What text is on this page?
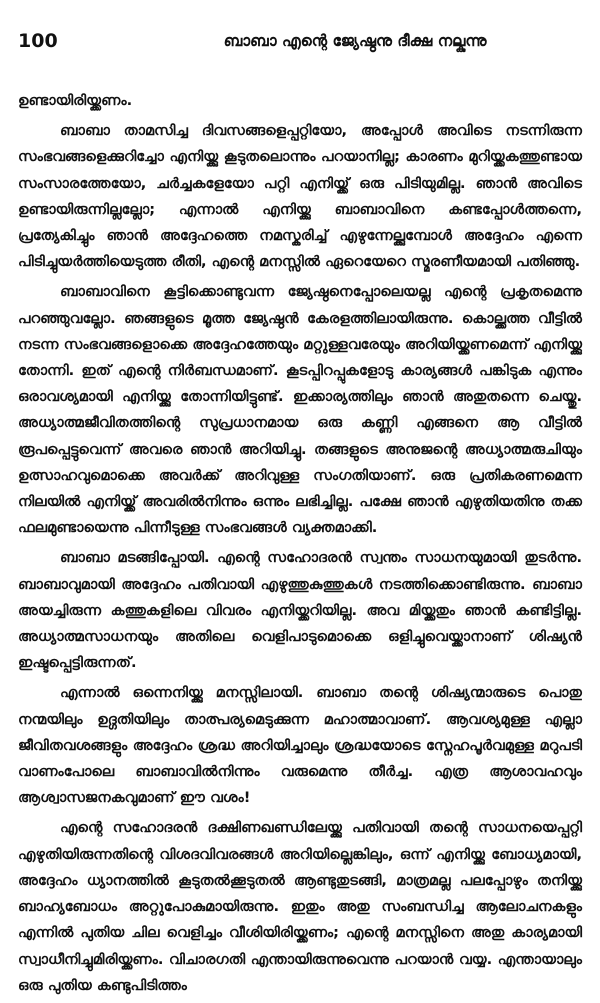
100	ബാബാ എന്റെ ജ്യേഷ്ഠനു ദീക്ഷ നല്കുന്നു

ഉണ്ടായിരിയ്ക്കണം.

ബാബാ താമസിച്ച ദിവസങ്ങളെപ്പറ്റിയോ, അപ്പോൾ അവിടെ നടന്നിരുന്ന സംഭവങ്ങളെക്കുറിച്ചോ എനിയ്ക്കു കൂടുതലൊന്നും പറയാനില്ല; കാരണം മുറിയ്ക്കകത്തുണ്ടായ സംസാരത്തേയോ, ചർച്ചകളേയോ പറ്റി എനിയ്ക്ക് ഒരു പിടിയുമില്ല. ഞാൻ അവിടെ ഉണ്ടായിരുന്നില്ലല്ലോ; എന്നാൽ എനിയ്ക്കു ബാബാവിനെ കണ്ടപ്പോൾത്തന്നെ, പ്രത്യേകിച്ചും ഞാൻ അദ്ദേഹത്തെ നമസ്കരിച്ച് എഴുന്നേല്ക്കുമ്പോൾ അദ്ദേഹം എന്നെ പിടിച്ചുയർത്തിയെടുത്ത രീതി, എന്റെ മനസ്സിൽ ഏറെയേറെ സ്മരണീയമായി പതിഞ്ഞു.

ബാബാവിനെ കൂട്ടിക്കൊണ്ടുവന്ന ജ്യേഷ്ഠനെപ്പോലെയല്ല എന്റെ പ്രകൃതമെന്നു പറഞ്ഞുവല്ലോ. ഞങ്ങളുടെ മൂത്ത ജ്യേഷ്ഠൻ കേരളത്തിലായിരുന്നു. കൊല്ക്കത്ത വീട്ടിൽ നടന്ന സംഭവങ്ങളൊക്കെ അദ്ദേഹത്തേയും മറ്റുള്ളവരേയും അറിയിയ്ക്കണമെന്ന് എനിയ്ക്കു തോന്നി. ഇത് എന്റെ നിർബന്ധമാണ്. കൂടപ്പിറപ്പുകളോടു കാര്യങ്ങൾ പങ്കിടുക എന്നും ഒരാവശ്യമായി എനിയ്ക്കു തോന്നിയിട്ടുണ്ട്. ഇക്കാര്യത്തിലും ഞാൻ അതുതന്നെ ചെയ്തു. അധ്യാത്മജീവിതത്തിന്റെ സുപ്രധാനമായ ഒരു കണ്ണി എങ്ങനെ ആ വീട്ടിൽ രൂപപ്പെട്ടുവെന്ന് അവരെ ഞാൻ അറിയിച്ചു. തങ്ങളുടെ അനുജന്റെ അധ്യാത്മരുചിയും ഉത്സാഹവുമൊക്കെ അവർക്ക് അറിവുള്ള സംഗതിയാണ്. ഒരു പ്രതികരണമെന്ന നിലയിൽ എനിയ്ക്ക് അവരിൽനിന്നും ഒന്നും ലഭിച്ചില്ല. പക്ഷേ ഞാൻ എഴുതിയതിനു തക്ക ഫലമുണ്ടായെന്നു പിന്നീടുള്ള സംഭവങ്ങൾ വ്യക്തമാക്കി.

ബാബാ മടങ്ങിപ്പോയി. എന്റെ സഹോദരൻ സ്വന്തം സാധനയുമായി തുടർന്നു. ബാബാവുമായി അദ്ദേഹം പതിവായി എഴുത്തുകുത്തുകൾ നടത്തിക്കൊണ്ടിരുന്നു. ബാബാ അയച്ചിരുന്ന കത്തുകളിലെ വിവരം എനിയ്ക്കറിയില്ല. അവ മിയ്ക്കതും ഞാൻ കണ്ടിട്ടില്ല. അധ്യാത്മസാധനയും അതിലെ വെളിപാടുമൊക്കെ ഒളിച്ചുവെയ്ക്കാനാണ് ശിഷ്യൻ ഇഷ്ടപ്പെട്ടിരുന്നത്.

എന്നാൽ ഒന്നെനിയ്ക്കു മനസ്സിലായി. ബാബാ തന്റെ ശിഷ്യന്മാരുടെ പൊതു നന്മയിലും ഉദ്ഗതിയിലും താത്പര്യമെടുക്കുന്ന മഹാത്മാവാണ്. ആവശ്യമുള്ള എല്ലാ ജീവിതവശങ്ങളും അദ്ദേഹം ശ്രദ്ധ അറിയിച്ചാലും ശ്രദ്ധയോടെ സ്നേഹപൂർവമുള്ള മറുപടി വാണംപോലെ ബാബാവിൽനിന്നും വരുമെന്നു തീർച്ച. എത്ര ആശാവഹവും ആശ്വാസജനകവുമാണ് ഈ വശം!

എന്റെ സഹോദരൻ ദക്ഷിണഖണ്ഡിലേയ്ക്കു പതിവായി തന്റെ സാധനയെപ്പറ്റി എഴുതിയിരുന്നതിന്റെ വിശദവിവരങ്ങൾ അറിയില്ലെങ്കിലും, ഒന്ന് എനിയ്ക്കു ബോധ്യമായി, അദ്ദേഹം ധ്യാനത്തിൽ കൂടുതൽക്കൂടുതൽ ആണ്ടുതുടങ്ങി, മാത്രമല്ല പലപ്പോഴും തനിയ്ക്കു ബാഹ്യബോധം അറ്റുപോകുമായിരുന്നു. ഇതും അതു സംബന്ധിച്ച ആലോചനകളും എന്നിൽ പുതിയ ചില വെളിച്ചം വീശിയിരിയ്ക്കണം; എന്റെ മനസ്സിനെ അതു കാര്യമായി സ്വാധീനിച്ചുമിരിയ്ക്കണം. വിചാരഗതി എന്തായിരുന്നുവെന്നു പറയാൻ വയ്യ. എന്തായാലും ഒരു പുതിയ കണ്ടുപിടിത്തം
